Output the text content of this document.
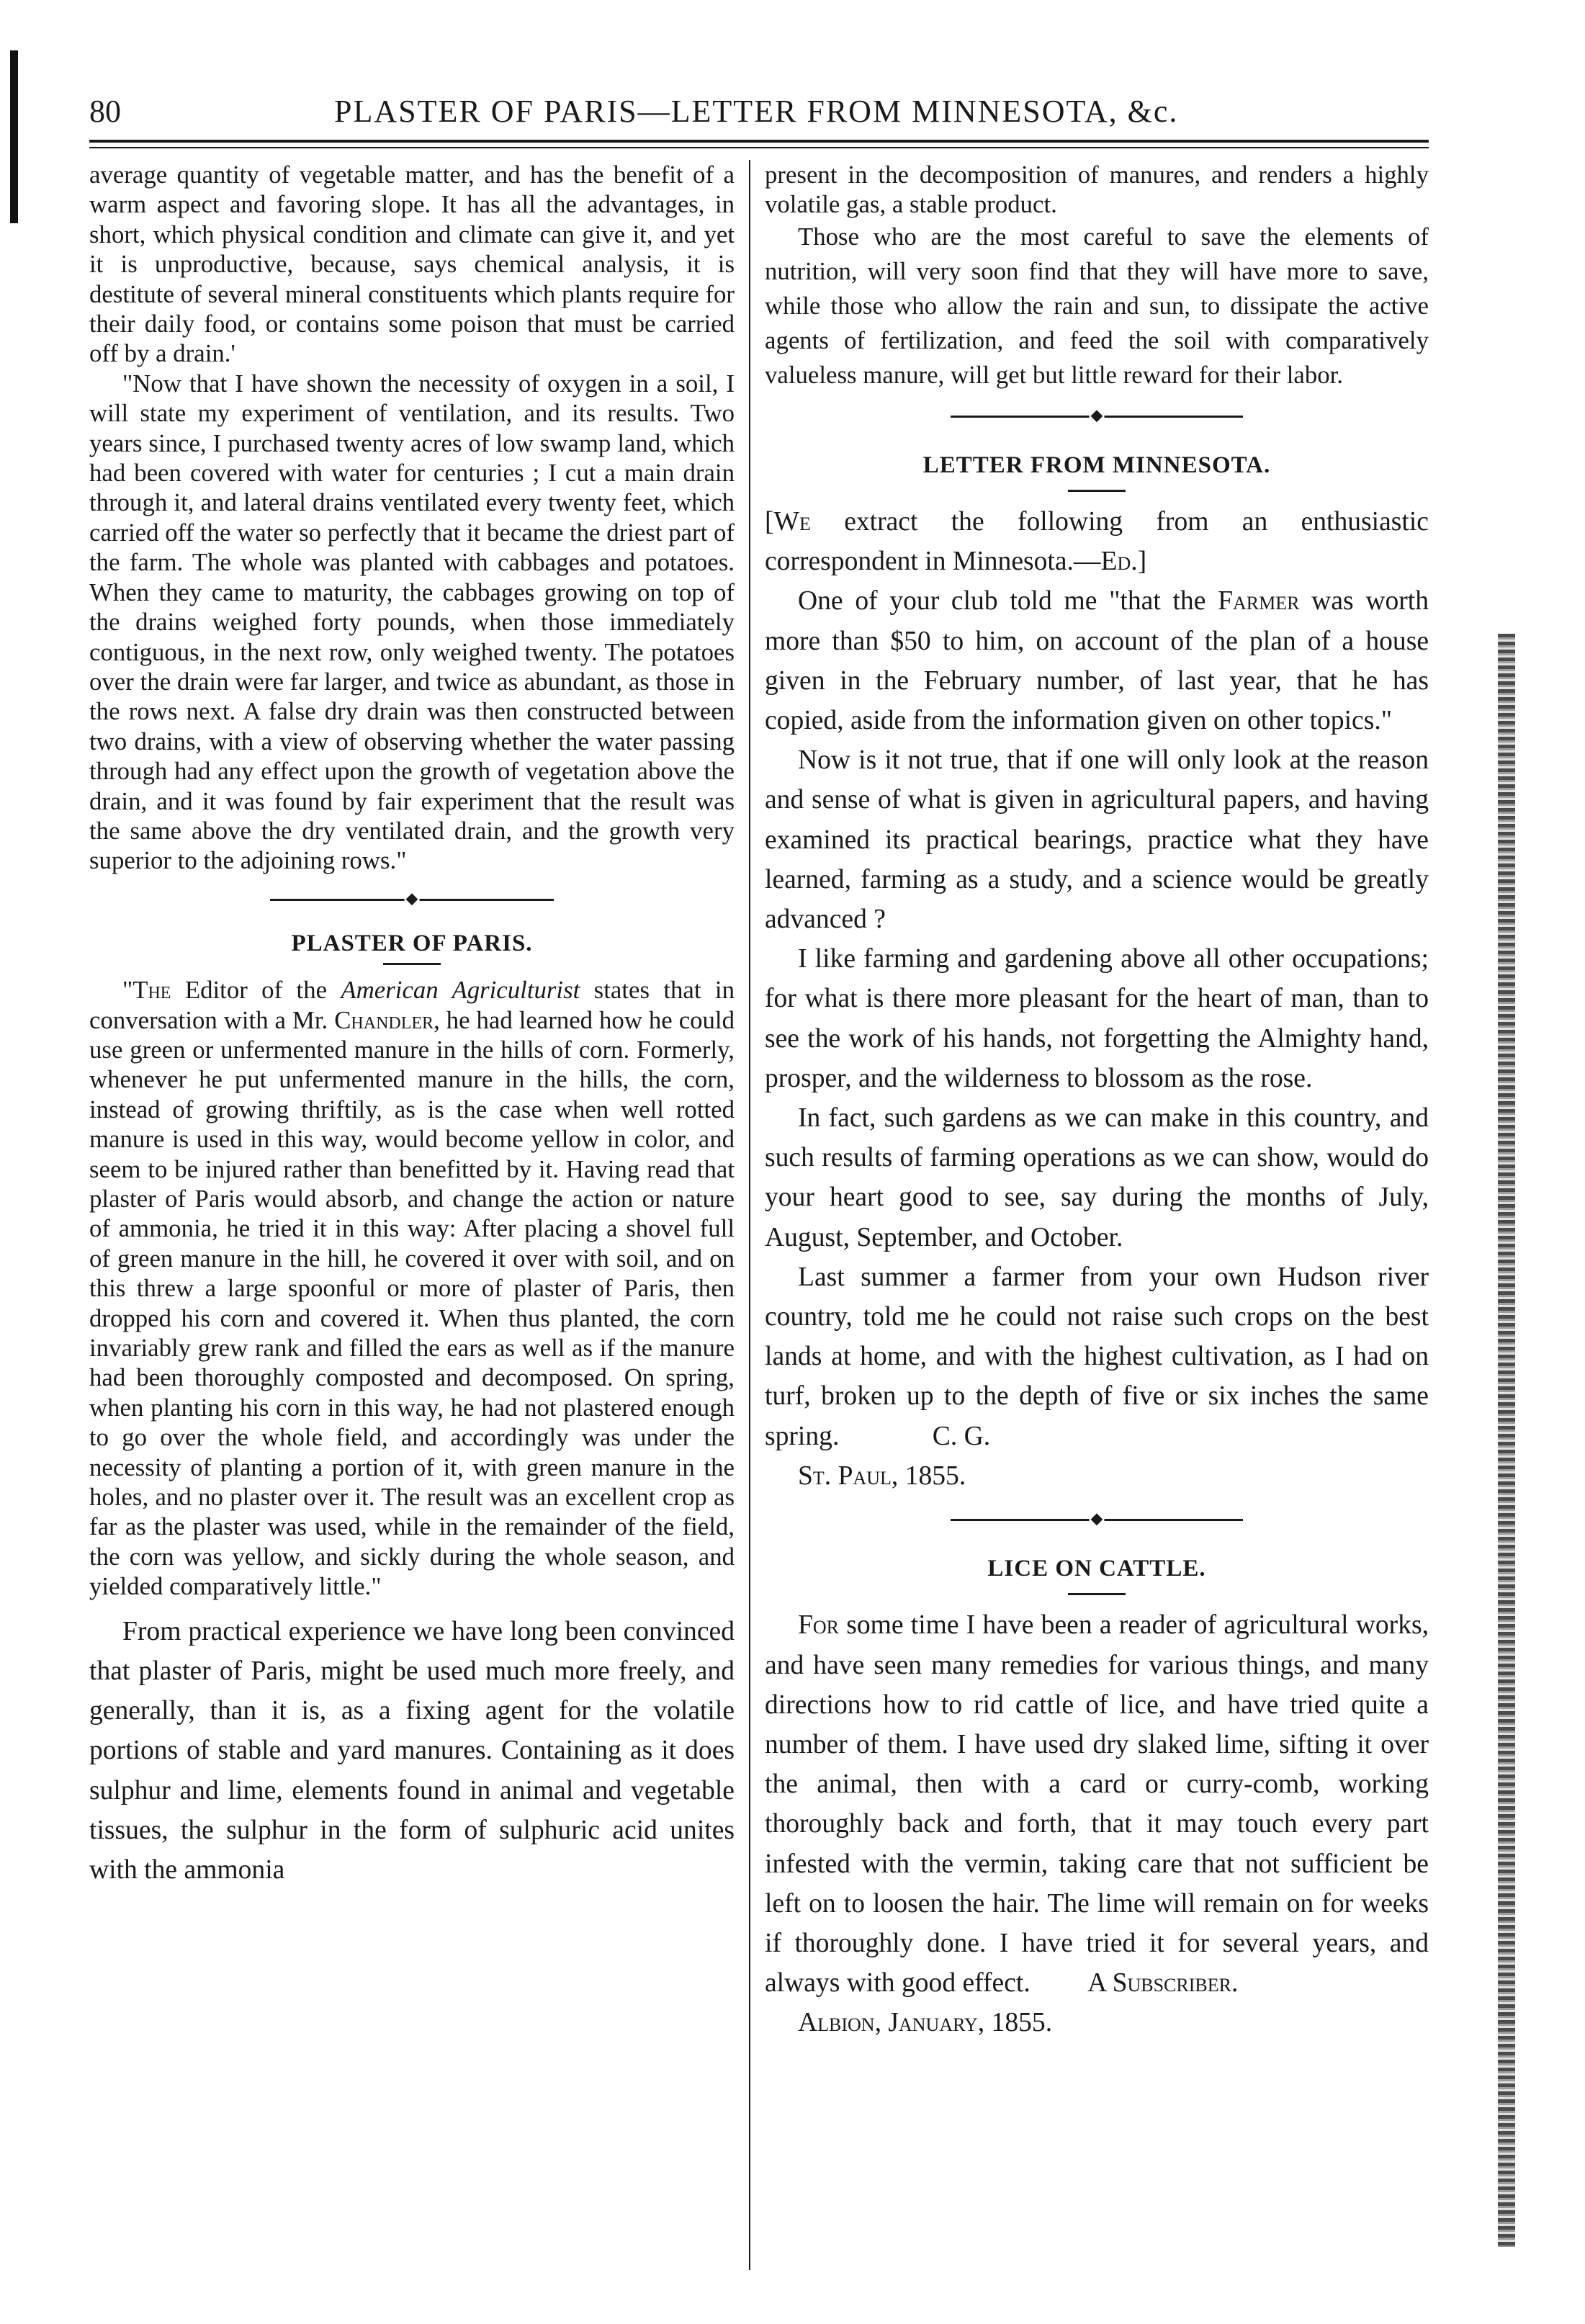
80	PLASTER OF PARIS—LETTER FROM MINNESOTA, &c.

average quantity of vegetable matter, and has the benefit of a warm aspect and favoring slope. It has all the advantages, in short, which physical condition and climate can give it, and yet it is unproductive, because, says chemical analysis, it is destitute of several mineral constituents which plants require for their daily food, or contains some poison that must be carried off by a drain.'

"Now that I have shown the necessity of oxygen in a soil, I will state my experiment of ventilation, and its results. Two years since, I purchased twenty acres of low swamp land, which had been covered with water for centuries ; I cut a main drain through it, and lateral drains ventilated every twenty feet, which carried off the water so perfectly that it became the driest part of the farm. The whole was planted with cabbages and potatoes. When they came to maturity, the cabbages growing on top of the drains weighed forty pounds, when those immediately contiguous, in the next row, only weighed twenty. The potatoes over the drain were far larger, and twice as abundant, as those in the rows next. A false dry drain was then constructed between two drains, with a view of observing whether the water passing through had any effect upon the growth of vegetation above the drain, and it was found by fair experiment that the result was the same above the dry ventilated drain, and the growth very superior to the adjoining rows."

◆
PLASTER OF PARIS.

"The Editor of the American Agriculturist states that in conversation with a Mr. Chandler, he had learned how he could use green or unfermented manure in the hills of corn. Formerly, whenever he put unfermented manure in the hills, the corn, instead of growing thriftily, as is the case when well rotted manure is used in this way, would become yellow in color, and seem to be injured rather than benefitted by it. Having read that plaster of Paris would absorb, and change the action or nature of ammonia, he tried it in this way: After placing a shovel full of green manure in the hill, he covered it over with soil, and on this threw a large spoonful or more of plaster of Paris, then dropped his corn and covered it. When thus planted, the corn invariably grew rank and filled the ears as well as if the manure had been thoroughly composted and decomposed. On spring, when planting his corn in this way, he had not plastered enough to go over the whole field, and accordingly was under the necessity of planting a portion of it, with green manure in the holes, and no plaster over it. The result was an excellent crop as far as the plaster was used, while in the remainder of the field, the corn was yellow, and sickly during the whole season, and yielded comparatively little."

From practical experience we have long been convinced that plaster of Paris, might be used much more freely, and generally, than it is, as a fixing agent for the volatile portions of stable and yard manures. Containing as it does sulphur and lime, elements found in animal and vegetable tissues, the sulphur in the form of sulphuric acid unites with the ammonia

present in the decomposition of manures, and renders a highly volatile gas, a stable product.

Those who are the most careful to save the elements of nutrition, will very soon find that they will have more to save, while those who allow the rain and sun, to dissipate the active agents of fertilization, and feed the soil with comparatively valueless manure, will get but little reward for their labor.

◆
LETTER FROM MINNESOTA.

[We extract the following from an enthusiastic correspondent in Minnesota.—Ed.]

One of your club told me "that the Farmer was worth more than $50 to him, on account of the plan of a house given in the February number, of last year, that he has copied, aside from the information given on other topics."

Now is it not true, that if one will only look at the reason and sense of what is given in agricultural papers, and having examined its practical bearings, practice what they have learned, farming as a study, and a science would be greatly advanced ?

I like farming and gardening above all other occupations; for what is there more pleasant for the heart of man, than to see the work of his hands, not forgetting the Almighty hand, prosper, and the wilderness to blossom as the rose.

In fact, such gardens as we can make in this country, and such results of farming operations as we can show, would do your heart good to see, say during the months of July, August, September, and October.

Last summer a farmer from your own Hudson river country, told me he could not raise such crops on the best lands at home, and with the highest cultivation, as I had on turf, broken up to the depth of five or six inches the same spring.	C. G.

St. Paul, 1855.

◆
LICE ON CATTLE.

For some time I have been a reader of agricultural works, and have seen many remedies for various things, and many directions how to rid cattle of lice, and have tried quite a number of them. I have used dry slaked lime, sifting it over the animal, then with a card or curry-comb, working thoroughly back and forth, that it may touch every part infested with the vermin, taking care that not sufficient be left on to loosen the hair. The lime will remain on for weeks if thoroughly done. I have tried it for several years, and always with good effect. A Subscriber.

Albion, January, 1855.
